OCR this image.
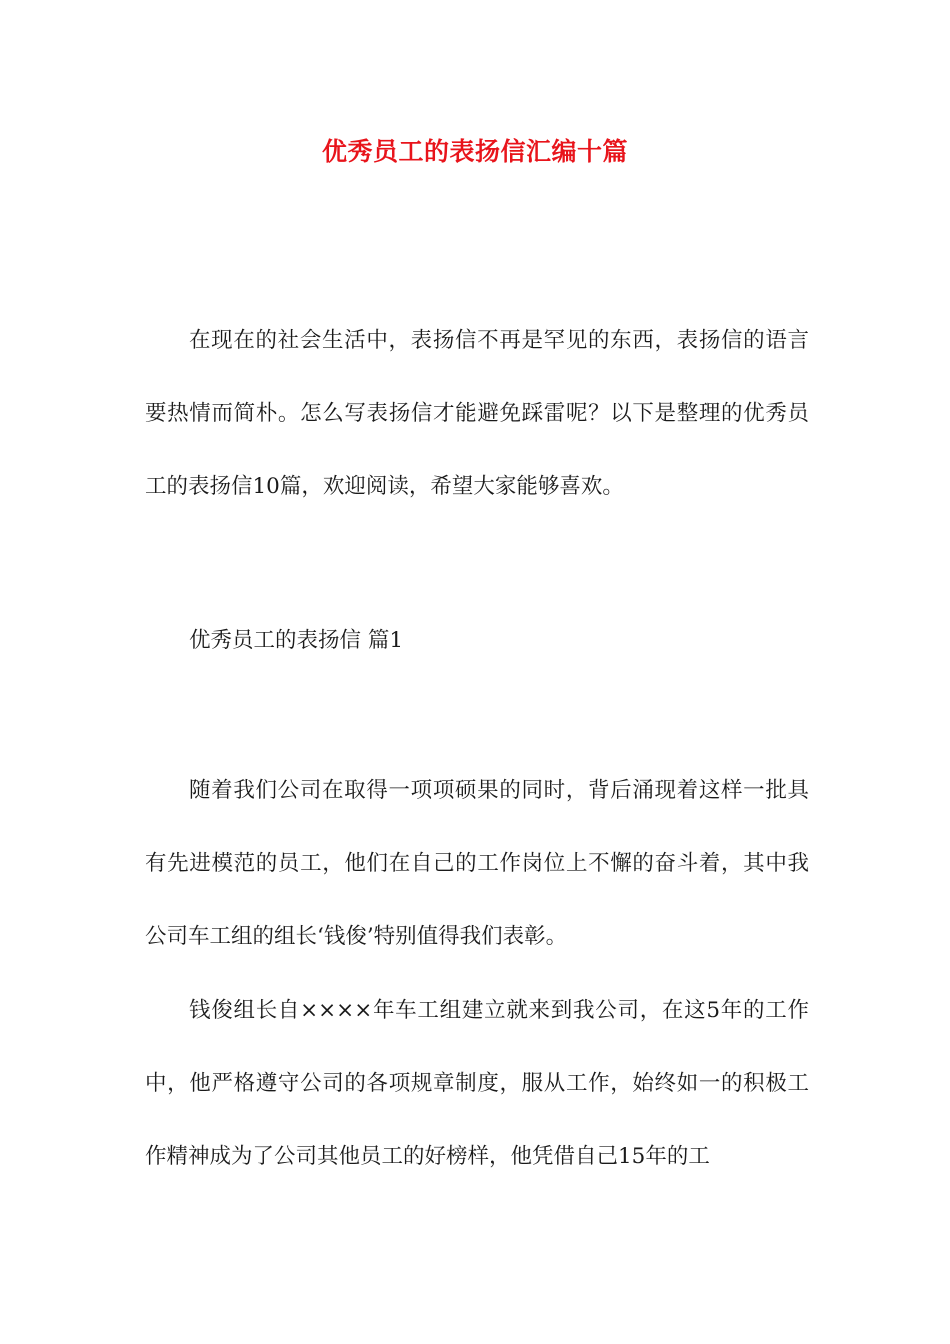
优秀员工的表扬信汇编十篇

在现在的社会生活中，表扬信不再是罕见的东西，表扬信的语言要热情而简朴。怎么写表扬信才能避免踩雷呢？以下是整理的优秀员工的表扬信10篇，欢迎阅读，希望大家能够喜欢。

优秀员工的表扬信 篇1

随着我们公司在取得一项项硕果的同时，背后涌现着这样一批具有先进模范的员工，他们在自己的工作岗位上不懈的奋斗着，其中我公司车工组的组长‘钱俊’特别值得我们表彰。

钱俊组长自××××年车工组建立就来到我公司，在这5年的工作中，他严格遵守公司的各项规章制度，服从工作，始终如一的积极工作精神成为了公司其他员工的好榜样，他凭借自己15年的工
